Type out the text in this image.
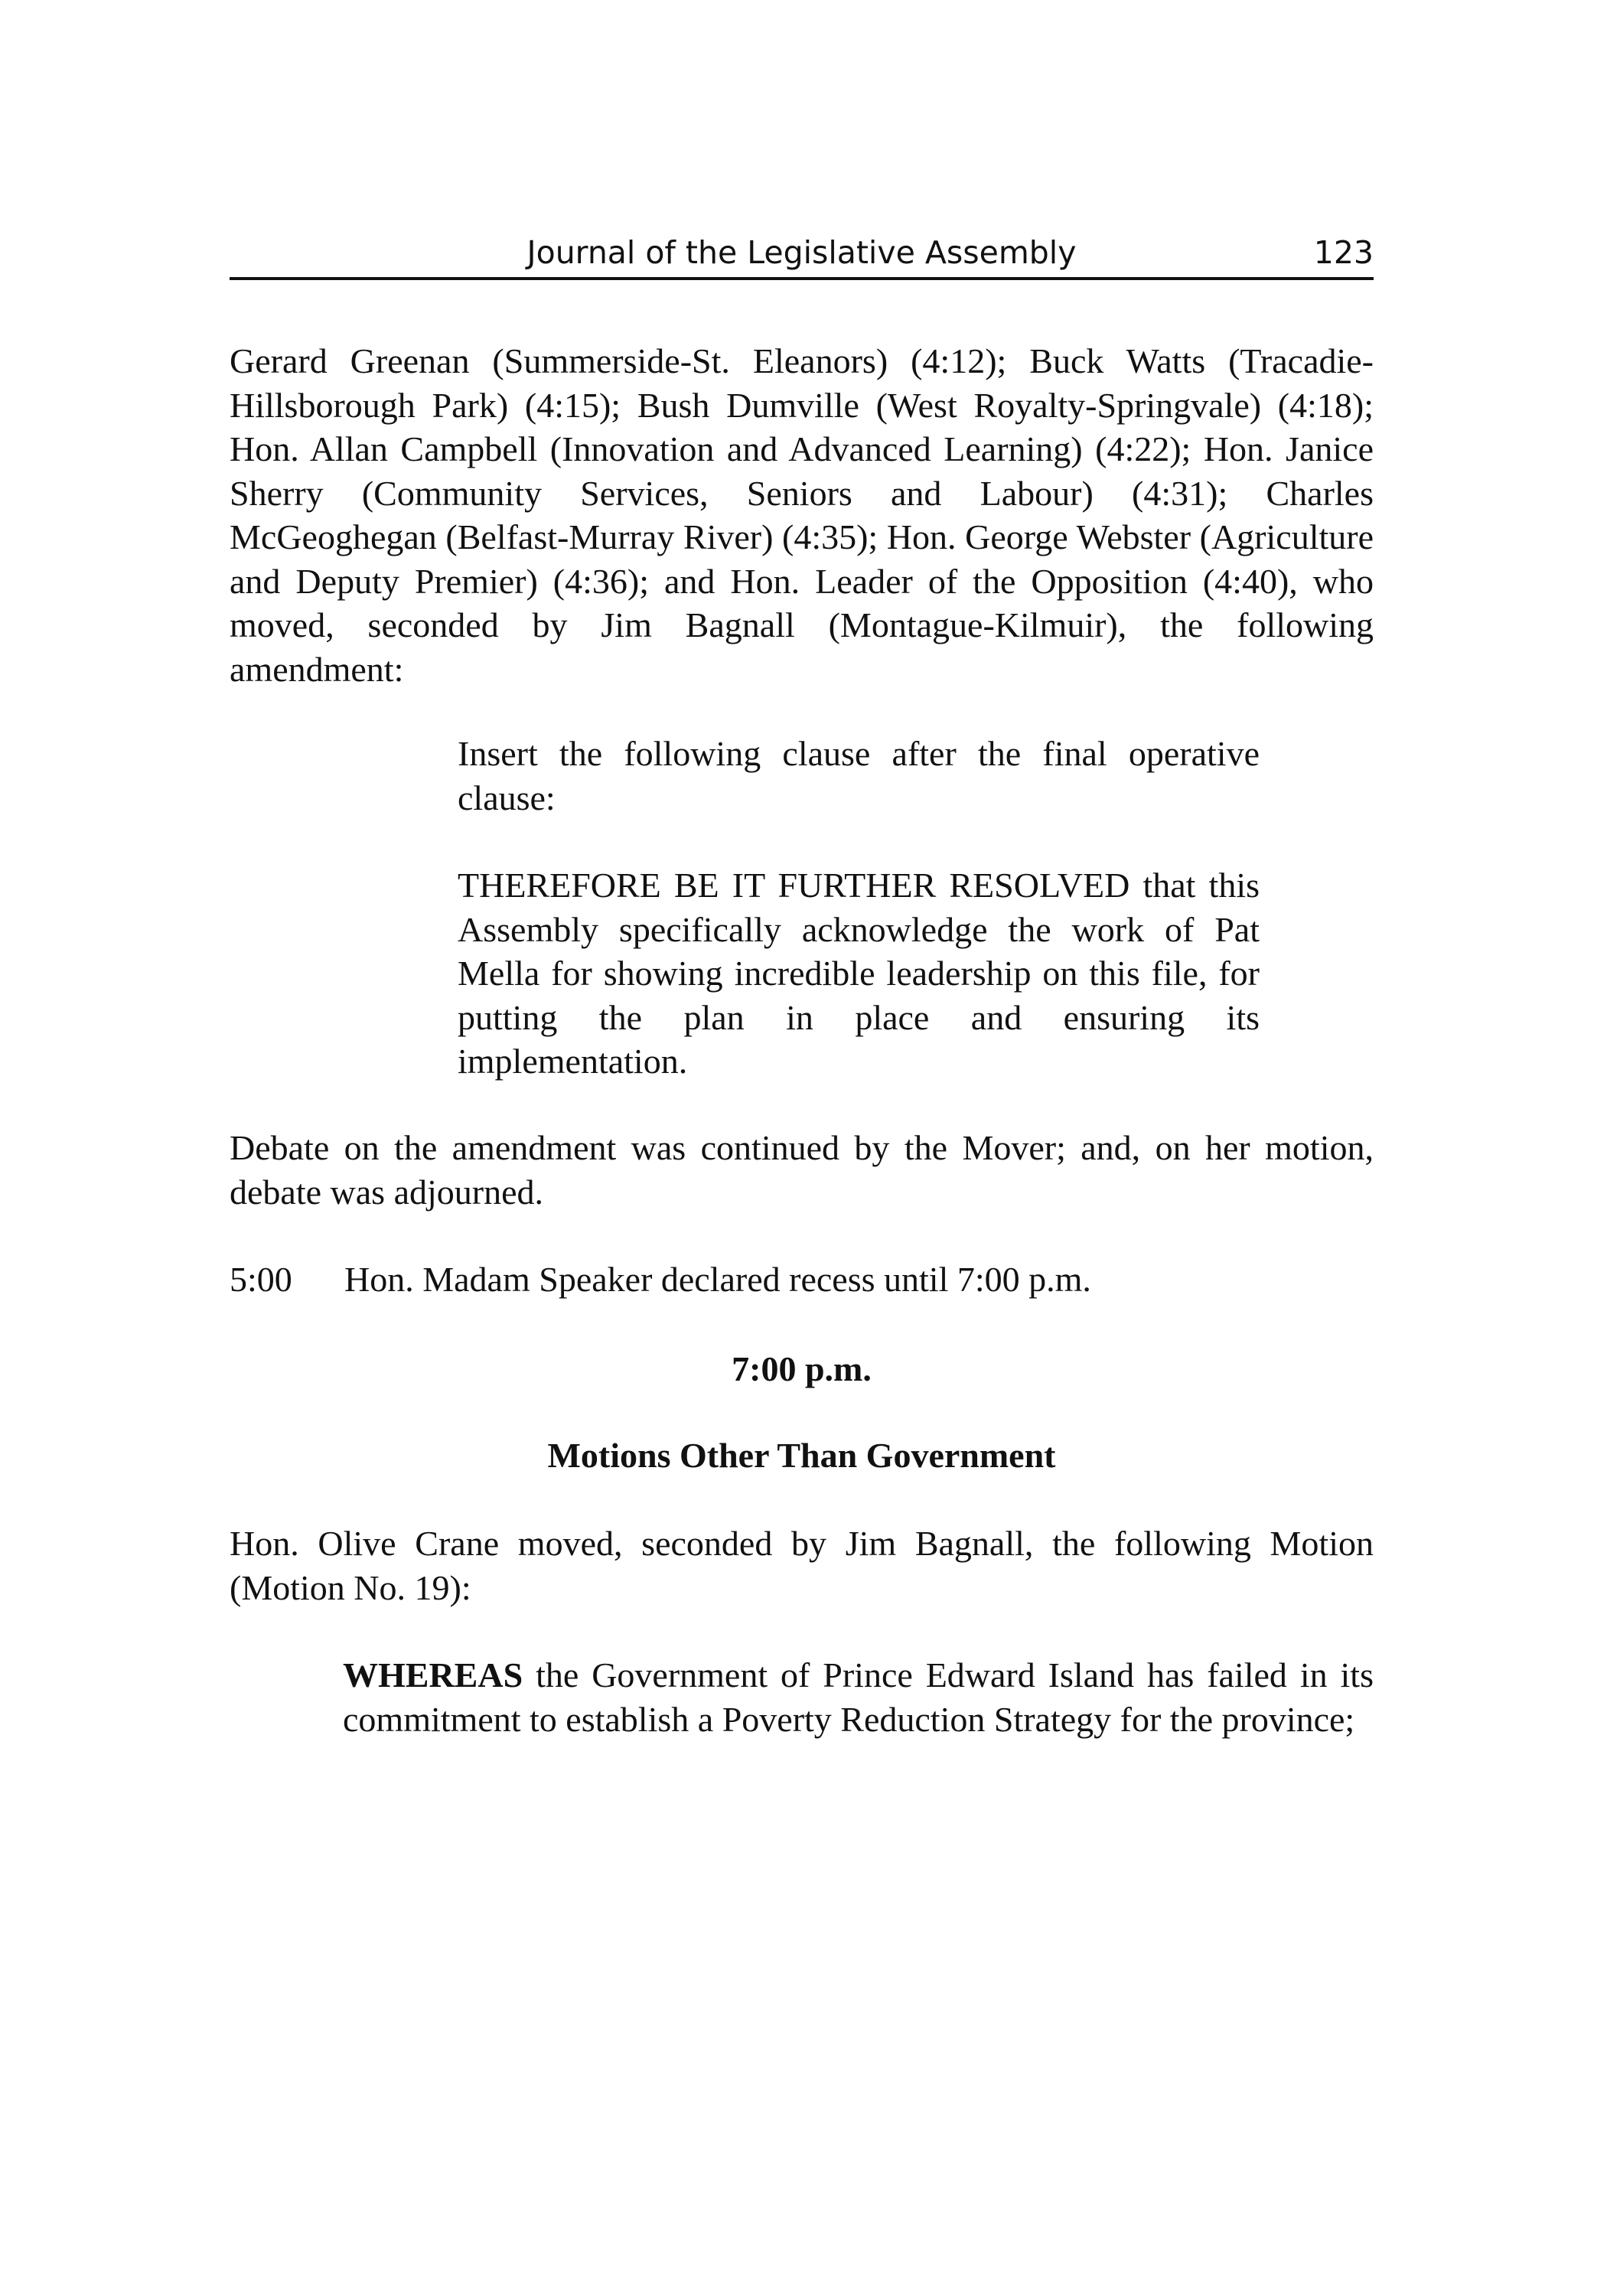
Journal of the Legislative Assembly	123

Gerard Greenan (Summerside-St. Eleanors) (4:12); Buck Watts (Tracadie-Hillsborough Park) (4:15); Bush Dumville (West Royalty-Springvale) (4:18); Hon. Allan Campbell (Innovation and Advanced Learning) (4:22); Hon. Janice Sherry (Community Services, Seniors and Labour) (4:31); Charles McGeoghegan (Belfast-Murray River) (4:35); Hon. George Webster (Agriculture and Deputy Premier) (4:36); and Hon. Leader of the Opposition (4:40), who moved, seconded by Jim Bagnall (Montague-Kilmuir), the following amendment:

Insert the following clause after the final operative clause:

THEREFORE BE IT FURTHER RESOLVED that this Assembly specifically acknowledge the work of Pat Mella for showing incredible leadership on this file, for putting the plan in place and ensuring its implementation.

Debate on the amendment was continued by the Mover; and, on her motion, debate was adjourned.

5:00 Hon. Madam Speaker declared recess until 7:00 p.m.

7:00 p.m.

Motions Other Than Government

Hon. Olive Crane moved, seconded by Jim Bagnall, the following Motion (Motion No. 19):

WHEREAS the Government of Prince Edward Island has failed in its commitment to establish a Poverty Reduction Strategy for the province;
